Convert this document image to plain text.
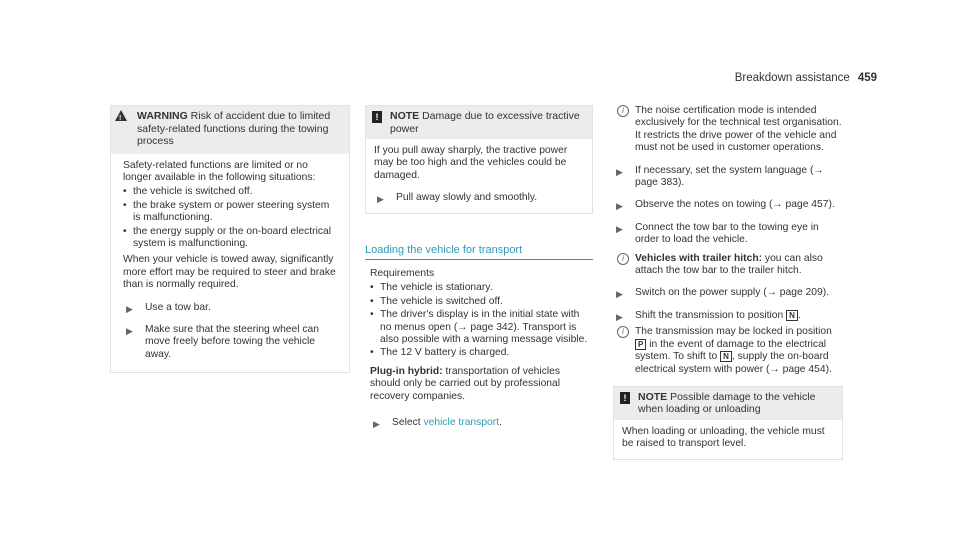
Breakdown assistance 459
!	WARNING Risk of accident due to limited safety-related functions during the towing process
Safety-related functions are limited or no longer available in the following situations:
• the vehicle is switched off.
• the brake system or power steering system is malfunctioning.
• the energy supply or the on-board electrical system is malfunctioning.
When your vehicle is towed away, significantly more effort may be required to steer and brake than is normally required.
▶ Use a tow bar.
▶ Make sure that the steering wheel can move freely before towing the vehicle away.
!	NOTE Damage due to excessive tractive power
If you pull away sharply, the tractive power may be too high and the vehicles could be damaged.
▶ Pull away slowly and smoothly.
Loading the vehicle for transport
Requirements
• The vehicle is stationary.
• The vehicle is switched off.
• The driver's display is in the initial state with no menus open (→ page 342). Transport is also possible with a warning message visible.
• The 12 V battery is charged.
Plug-in hybrid: transportation of vehicles should only be carried out by professional recovery companies.
▶ Select vehicle transport.
i	The noise certification mode is intended exclusively for the technical test organisation. It restricts the drive power of the vehicle and must not be used in customer operations.
▶ If necessary, set the system language (→ page 383).
▶ Observe the notes on towing (→ page 457).
▶ Connect the tow bar to the towing eye in order to load the vehicle.
i	Vehicles with trailer hitch: you can also attach the tow bar to the trailer hitch.
▶ Switch on the power supply (→ page 209).
▶ Shift the transmission to position N .
i	The transmission may be locked in position P in the event of damage to the electrical system. To shift to N , supply the on-board electrical system with power (→ page 454).
!	NOTE Possible damage to the vehicle when loading or unloading
When loading or unloading, the vehicle must be raised to transport level.
